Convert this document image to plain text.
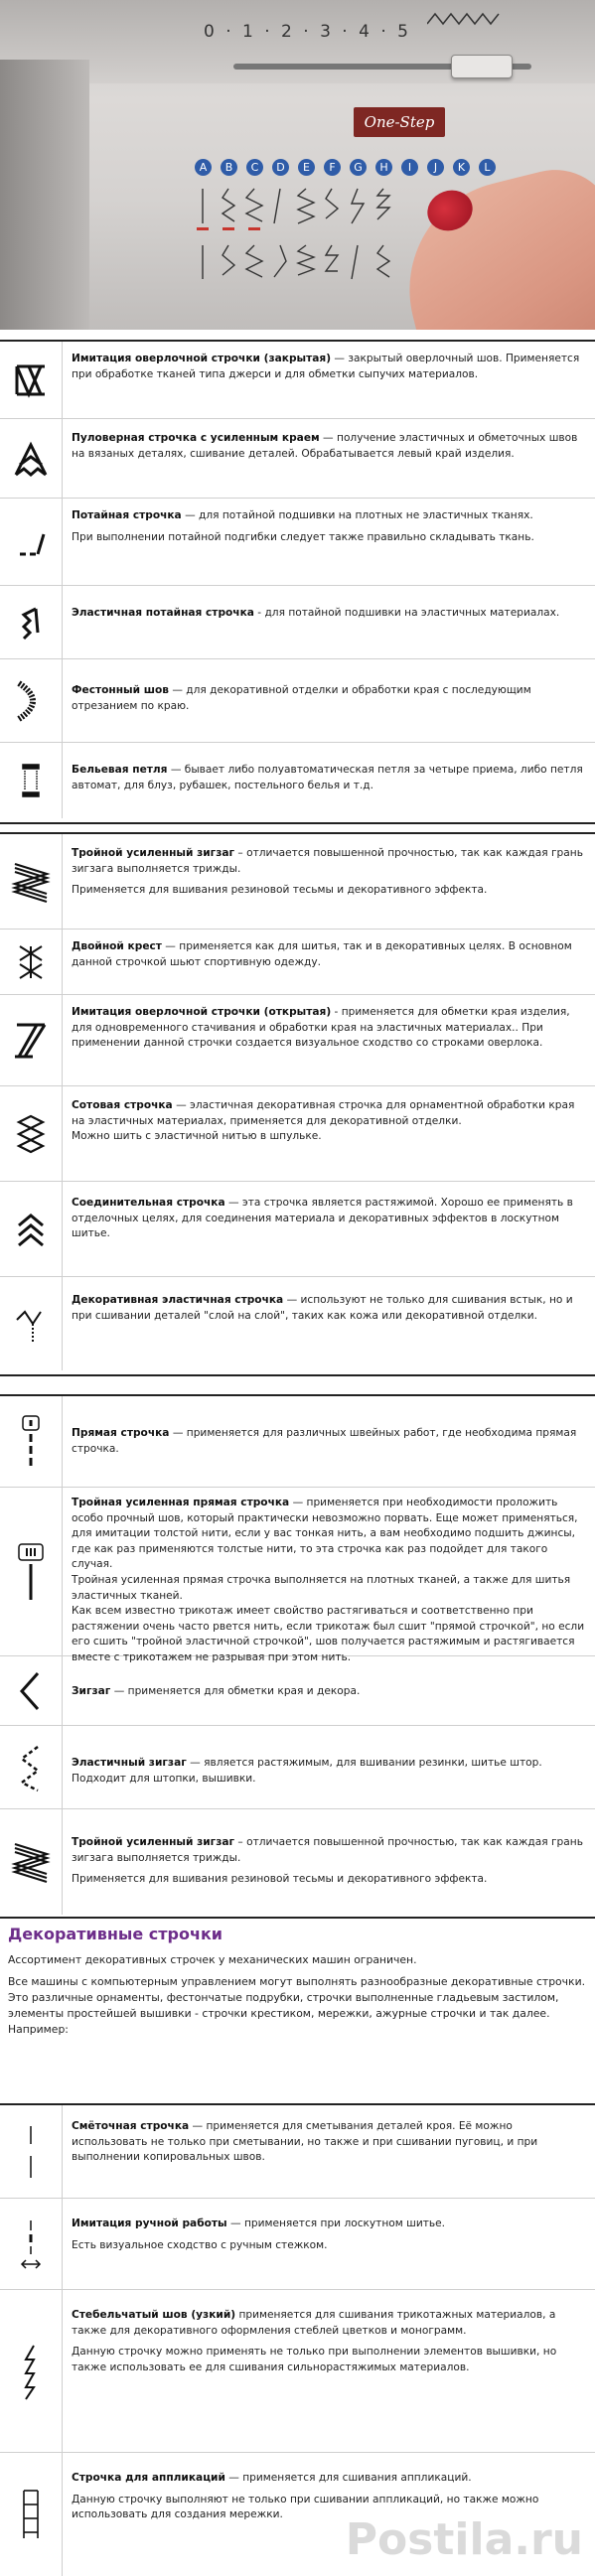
0 · 1 · 2 · 3 · 4 · 5
One-Step
A	B	C	D	E	F	G	H	I	J	K	L
Имитация оверлочной строчки (закрытая) — закрытый оверлочный шов. Применяется при обработке тканей типа джерси и для обметки сыпучих материалов.
Пуловерная строчка с усиленным краем — получение эластичных и обметочных швов на вязаных деталях, сшивание деталей. Обрабатывается левый край изделия.

Потайная строчка — для потайной подшивки на плотных не эластичных тканях.

При выполнении потайной подгибки следует также правильно складывать ткань.

Эластичная потайная строчка - для потайной подшивки на эластичных материалах.
Фестонный шов — для декоративной отделки и обработки края с последующим отрезанием по краю.
Бельевая петля — бывает либо полуавтоматическая петля за четыре приема, либо петля автомат, для блуз, рубашек, постельного белья и т.д.

Тройной усиленный зигзаг – отличается повышенной прочностью, так как каждая грань зигзага выполняется трижды.

Применяется для вшивания резиновой тесьмы и декоративного эффекта.

Двойной крест — применяется как для шитья, так и в декоративных целях. В основном данной строчкой шьют спортивную одежду.
Имитация оверлочной строчки (открытая) - применяется для обметки края изделия, для одновременного стачивания и обработки края на эластичных материалах.. При применении данной строчки создается визуальное сходство со строками оверлока.
Сотовая строчка — эластичная декоративная строчка для орнаментной обработки края на эластичных материалах, применяется для декоративной отделки.
Можно шить с эластичной нитью в шпульке.
Соединительная строчка — эта строчка является растяжимой. Хорошо ее применять в отделочных целях, для соединения материала и декоративных эффектов в лоскутном шитье.
Декоративная эластичная строчка — используют не только для сшивания встык, но и при сшивании деталей "слой на слой", таких как кожа или декоративной отделки.
Прямая строчка — применяется для различных швейных работ, где необходима прямая строчка.
Тройная усиленная прямая строчка — применяется при необходимости проложить особо прочный шов, который практически невозможно порвать. Еще может применяться, для имитации толстой нити, если у вас тонкая нить, а вам необходимо подшить джинсы, где как раз применяются толстые нити, то эта строчка как раз подойдет для такого случая.
Тройная усиленная прямая строчка выполняется на плотных тканей, а также для шитья эластичных тканей.
Как всем известно трикотаж имеет свойство растягиваться и соответственно при растяжении очень часто рвется нить, если трикотаж был сшит "прямой строчкой", но если его сшить "тройной эластичной строчкой", шов получается растяжимым и растягивается вместе с трикотажем не разрывая при этом нить.
Зигзаг — применяется для обметки края и декора.
Эластичный зигзаг — является растяжимым, для вшивании резинки, шитье штор. Подходит для штопки, вышивки.

Тройной усиленный зигзаг – отличается повышенной прочностью, так как каждая грань зигзага выполняется трижды.

Применяется для вшивания резиновой тесьмы и декоративного эффекта.

Декоративные строчки

Ассортимент декоративных строчек у механических машин ограничен.

Все машины с компьютерным управлением могут выполнять разнообразные декоративные строчки. Это различные орнаменты, фестончатые подрубки, строчки выполненные гладьевым застилом, элементы простейшей вышивки - строчки крестиком, мережки, ажурные строчки и так далее. Например:

Смёточная строчка — применяется для сметывания деталей кроя. Её можно использовать не только при сметывании, но также и при сшивании пуговиц, и при выполнении копировальных швов.

Имитация ручной работы — применяется при лоскутном шитье.

Есть визуальное сходство с ручным стежком.

Стебельчатый шов (узкий) применяется для сшивания трикотажных материалов, а также для декоративного оформления стеблей цветков и монограмм.

Данную строчку можно применять не только при выполнении элементов вышивки, но также использовать ее для сшивания сильнорастяжимых материалов.

Строчка для аппликаций — применяется для сшивания аппликаций.

Данную строчку выполняют не только при сшивании аппликаций, но также можно использовать для создания мережки.	Postila.ru
